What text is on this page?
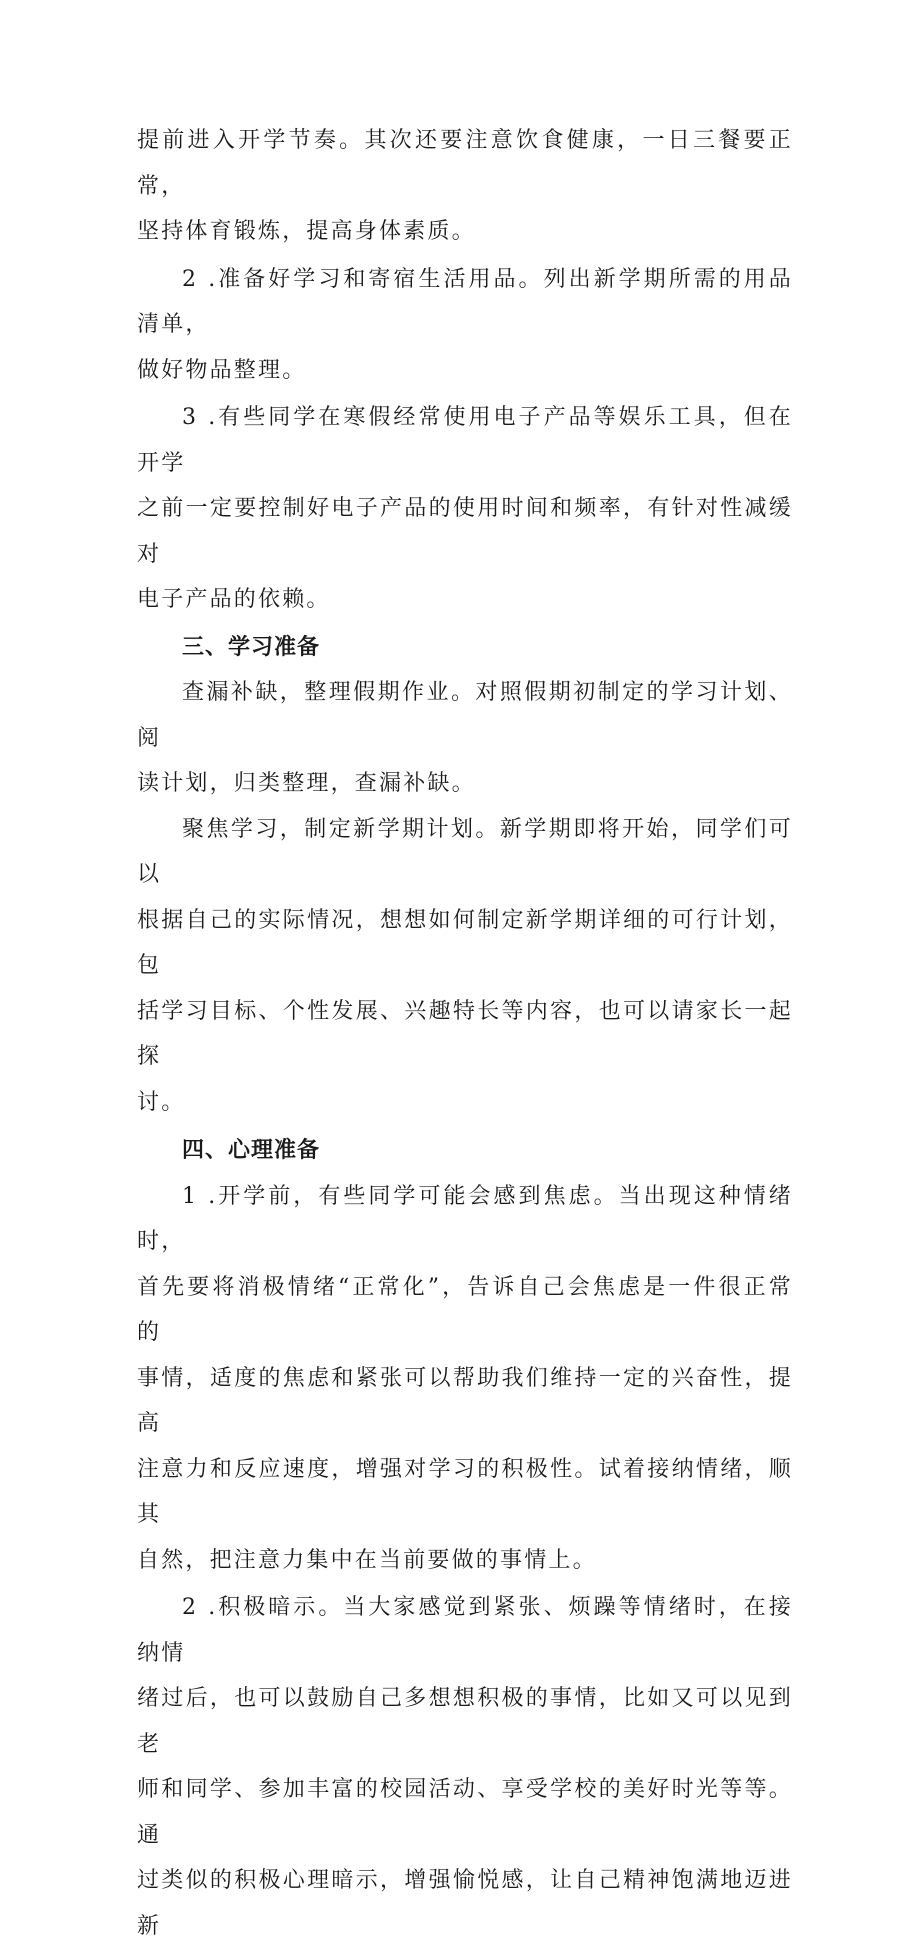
提前进入开学节奏。其次还要注意饮食健康，一日三餐要正常，
坚持体育锻炼，提高身体素质。

2 .准备好学习和寄宿生活用品。列出新学期所需的用品清单，
做好物品整理。

3 .有些同学在寒假经常使用电子产品等娱乐工具，但在开学
之前一定要控制好电子产品的使用时间和频率，有针对性减缓对
电子产品的依赖。

三、学习准备

查漏补缺，整理假期作业。对照假期初制定的学习计划、阅
读计划，归类整理，查漏补缺。

聚焦学习，制定新学期计划。新学期即将开始，同学们可以
根据自己的实际情况，想想如何制定新学期详细的可行计划，包
括学习目标、个性发展、兴趣特长等内容，也可以请家长一起探
讨。

四、心理准备

1 .开学前，有些同学可能会感到焦虑。当出现这种情绪时，
首先要将消极情绪“正常化”，告诉自己会焦虑是一件很正常的
事情，适度的焦虑和紧张可以帮助我们维持一定的兴奋性，提高
注意力和反应速度，增强对学习的积极性。试着接纳情绪，顺其
自然，把注意力集中在当前要做的事情上。

2 .积极暗示。当大家感觉到紧张、烦躁等情绪时，在接纳情
绪过后，也可以鼓励自己多想想积极的事情，比如又可以见到老
师和同学、参加丰富的校园活动、享受学校的美好时光等等。通
过类似的积极心理暗示，增强愉悦感，让自己精神饱满地迈进新
